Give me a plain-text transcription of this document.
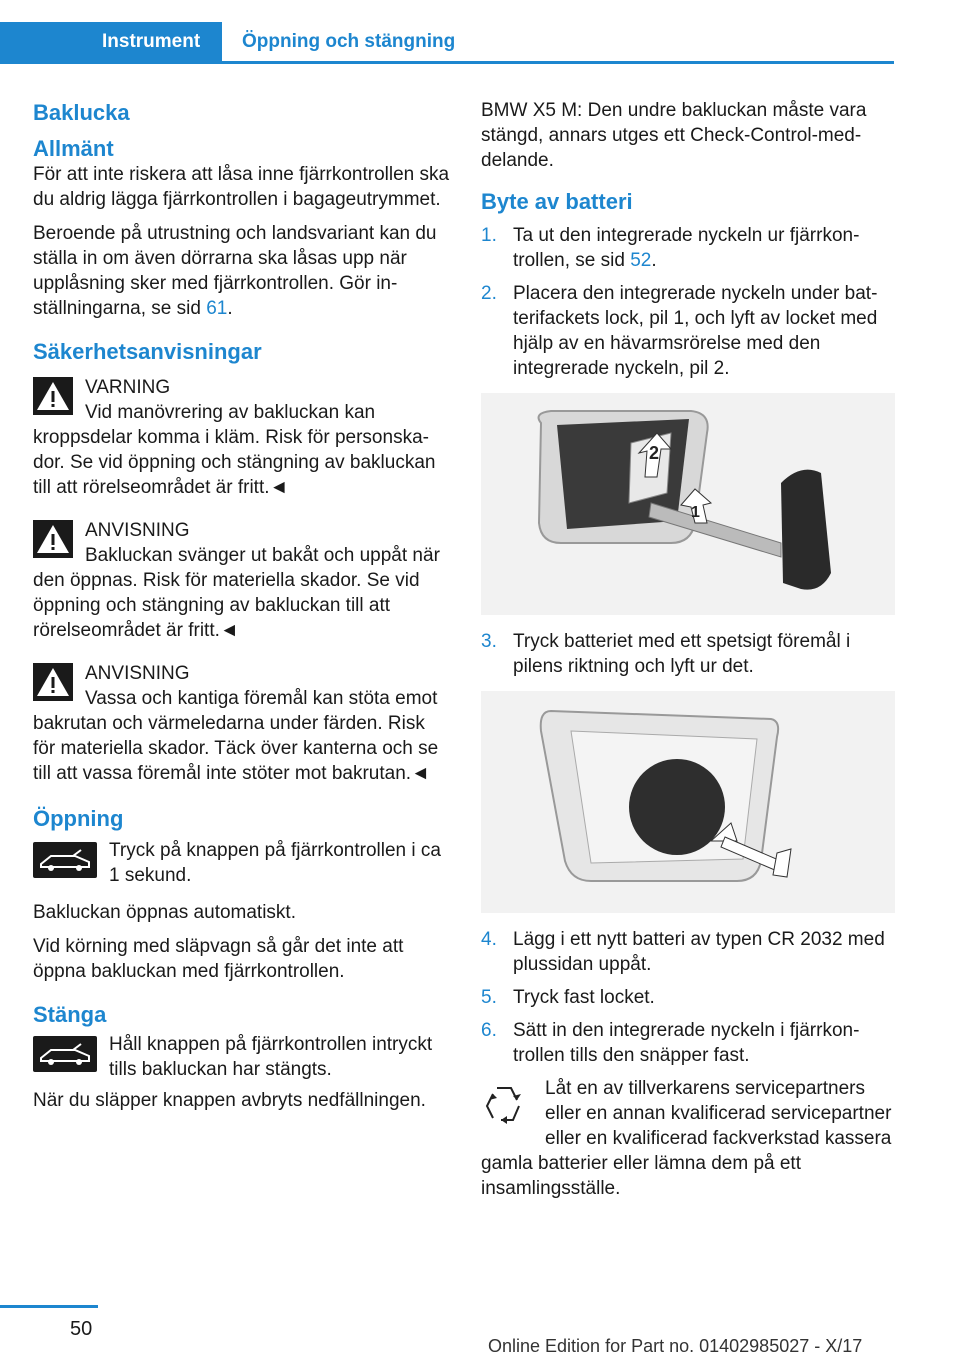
Instrument	Öppning och stängning
Baklucka
Allmänt

För att inte riskera att låsa inne fjärrkontrollen ska du aldrig lägga fjärrkontrollen i bagageutrymmet.

Beroende på utrustning och landsvariant kan du ställa in om även dörrarna ska låsas upp när upplåsning sker med fjärrkontrollen. Gör inställningarna, se sid 61.

Säkerhetsanvisningar

VARNING

Vid manövrering av bakluckan kan kroppsdelar komma i kläm. Risk för personskador. Se vid öppning och stängning av bakluckan till att rörelseområdet är fritt.◄

ANVISNING

Bakluckan svänger ut bakåt och uppåt när den öppnas. Risk för materiella skador. Se vid öppning och stängning av bakluckan till att rörelseområdet är fritt.◄

ANVISNING

Vassa och kantiga föremål kan stöta emot bakrutan och värmeledarna under färden. Risk för materiella skador. Täck över kanterna och se till att vassa föremål inte stöter mot bakrutan.◄

Öppning

Tryck på knappen på fjärrkontrollen i ca 1 sekund.

Bakluckan öppnas automatiskt.

Vid körning med släpvagn så går det inte att öppna bakluckan med fjärrkontrollen.

Stänga

Håll knappen på fjärrkontrollen intryckt tills bakluckan har stängts.

När du släpper knappen avbryts nedfällningen.

BMW X5 M: Den undre bakluckan måste vara stängd, annars utges ett Check-Control-meddelande.

Byte av batteri
1. Ta ut den integrerade nyckeln ur fjärrkontrollen, se sid 52.
2. Placera den integrerade nyckeln under batterifackets lock, pil 1, och lyft av locket med hjälp av en hävarmsrörelse med den integrerade nyckeln, pil 2.
2
1
3. Tryck batteriet med ett spetsigt föremål i pilens riktning och lyft ur det.
4. Lägg i ett nytt batteri av typen CR 2032 med plussidan uppåt.
5. Tryck fast locket.
6. Sätt in den integrerade nyckeln i fjärrkontrollen tills den snäpper fast.

Låt en av tillverkarens servicepartners eller en annan kvalificerad servicepartner eller en kvalificerad fackverkstad kassera gamla batterier eller lämna dem på ett insamlingsställe.

50
Online Edition for Part no. 01402985027 - X/17
